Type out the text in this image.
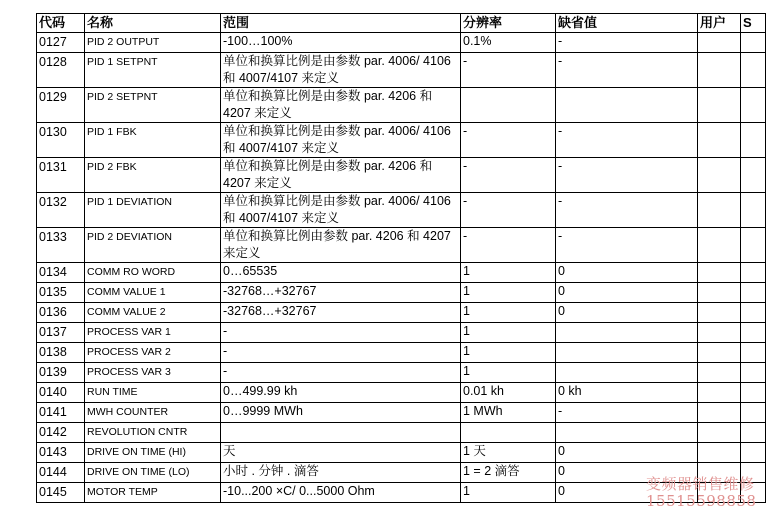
代码	名称	范围	分辨率	缺省值	用户	S
0127	PID 2 OUTPUT	-100…100%	0.1%	-		
0128	PID 1 SETPNT	单位和换算比例是由参数 par. 4006/ 4106 和 4007/4107 来定义	-	-		
0129	PID 2 SETPNT	单位和换算比例是由参数 par. 4206 和 4207 来定义				
0130	PID 1 FBK	单位和换算比例是由参数 par. 4006/ 4106 和 4007/4107 来定义	-	-		
0131	PID 2 FBK	单位和换算比例是由参数 par. 4206 和 4207 来定义	-	-		
0132	PID 1 DEVIATION	单位和换算比例是由参数 par. 4006/ 4106 和 4007/4107 来定义	-	-		
0133	PID 2 DEVIATION	单位和换算比例由参数 par. 4206 和 4207 来定义	-	-		
0134	COMM RO WORD	0…65535	1	0		
0135	COMM VALUE 1	-32768…+32767	1	0		
0136	COMM VALUE 2	-32768…+32767	1	0		
0137	PROCESS VAR 1	-	1			
0138	PROCESS VAR 2	-	1			
0139	PROCESS VAR 3	-	1			
0140	RUN TIME	0…499.99 kh	0.01 kh	0 kh		
0141	MWH COUNTER	0…9999 MWh	1 MWh	-		
0142	REVOLUTION CNTR					
0143	DRIVE ON TIME (HI)	天	1 天	0		
0144	DRIVE ON TIME (LO)	小时 . 分钟 . 滴答	1 = 2 滴答	0		
0145	MOTOR TEMP	-10...200 ×C/ 0...5000 Ohm	1	0			变频器销售维修
15515598858
